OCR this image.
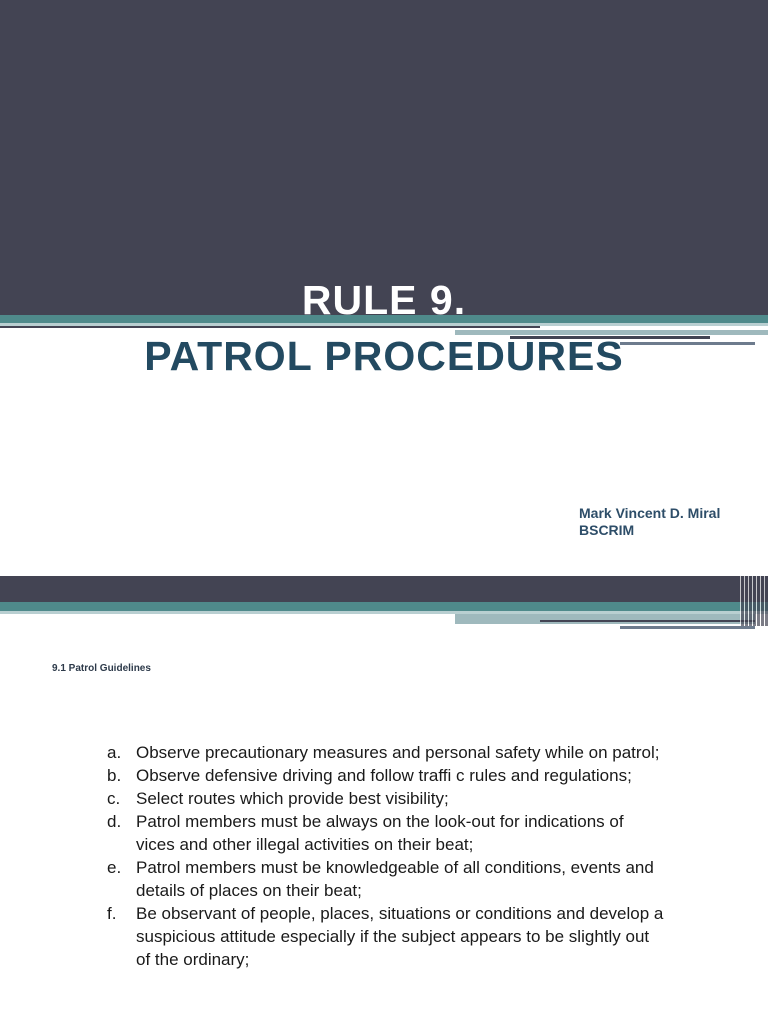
RULE 9.
PATROL PROCEDURES
Mark Vincent D. Miral
BSCRIM
9.1 Patrol Guidelines
a. Observe precautionary measures and personal safety while on patrol;
b. Observe defensive driving and follow traffi c rules and regulations;
c. Select routes which provide best visibility;
d. Patrol members must be always on the look-out for indications of vices and other illegal activities on their beat;
e. Patrol members must be knowledgeable of all conditions, events and details of places on their beat;
f.	Be observant of people, places, situations or conditions and develop a suspicious attitude especially if the subject appears to be slightly out of the ordinary;
